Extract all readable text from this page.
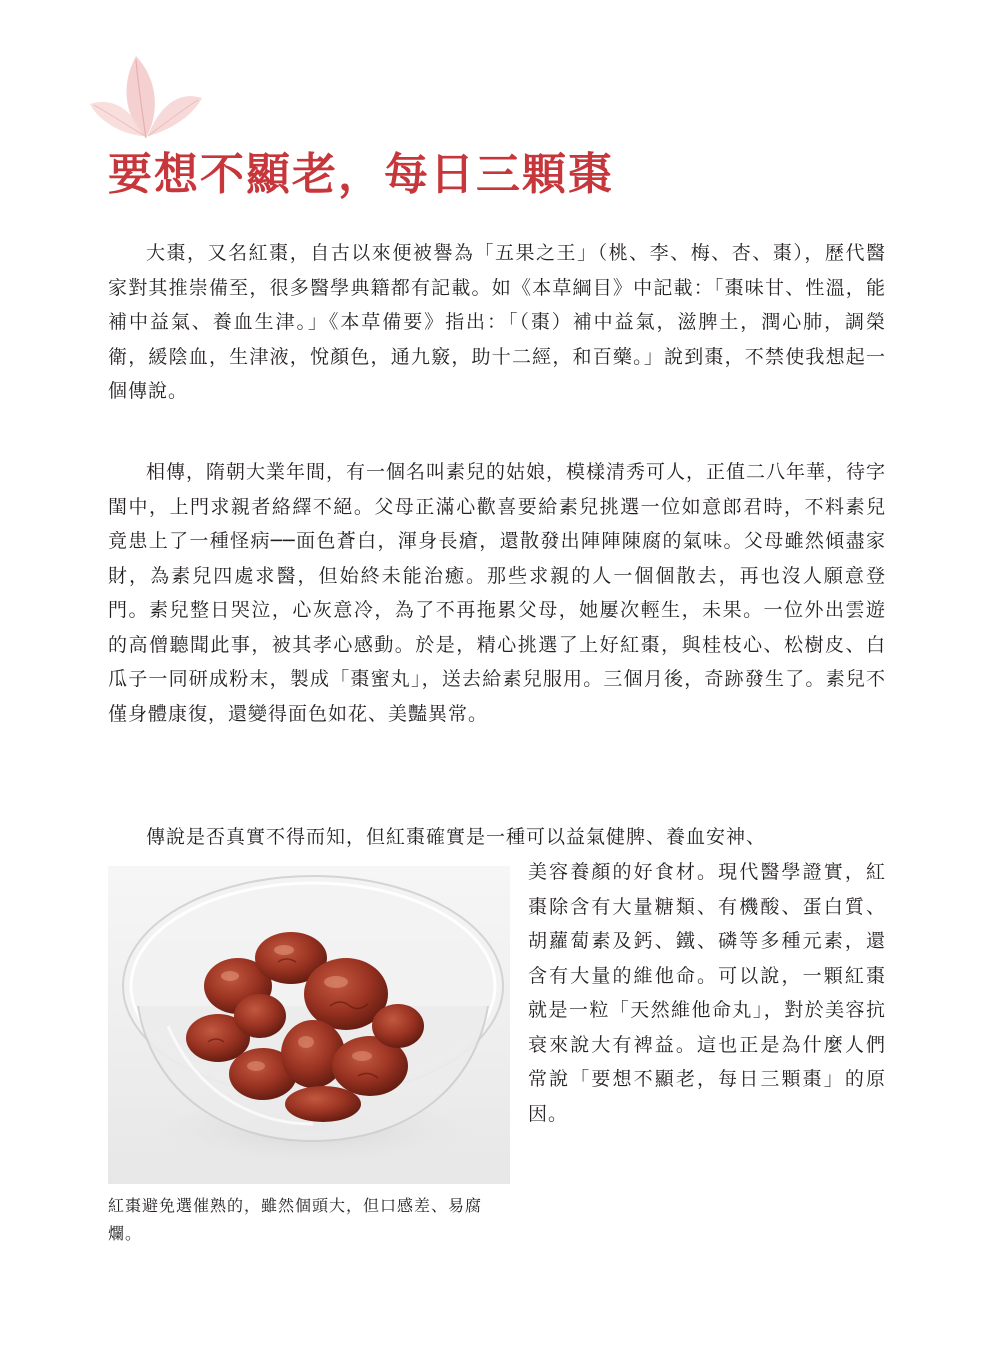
要想不顯老，每日三顆棗

大棗，又名紅棗，自古以來便被譽為「五果之王」（桃、李、梅、杏、棗），歷代醫家對其推崇備至，很多醫學典籍都有記載。如《本草綱目》中記載：「棗味甘、性溫，能補中益氣、養血生津。」《本草備要》指出：「（棗）補中益氣，滋脾土，潤心肺，調榮衛，緩陰血，生津液，悅顏色，通九竅，助十二經，和百藥。」說到棗，不禁使我想起一個傳說。

相傳，隋朝大業年間，有一個名叫素兒的姑娘，模樣清秀可人，正值二八年華，待字閨中，上門求親者絡繹不絕。父母正滿心歡喜要給素兒挑選一位如意郎君時，不料素兒竟患上了一種怪病──面色蒼白，渾身長瘡，還散發出陣陣陳腐的氣味。父母雖然傾盡家財，為素兒四處求醫，但始終未能治癒。那些求親的人一個個散去，再也沒人願意登門。素兒整日哭泣，心灰意冷，為了不再拖累父母，她屢次輕生，未果。一位外出雲遊的高僧聽聞此事，被其孝心感動。於是，精心挑選了上好紅棗，與桂枝心、松樹皮、白瓜子一同研成粉末，製成「棗蜜丸」，送去給素兒服用。三個月後，奇跡發生了。素兒不僅身體康復，還變得面色如花、美豔異常。

傳說是否真實不得而知，但紅棗確實是一種可以益氣健脾、養血安神、

美容養顏的好食材。現代醫學證實，紅棗除含有大量糖類、有機酸、蛋白質、胡蘿蔔素及鈣、鐵、磷等多種元素，還含有大量的維他命。可以說，一顆紅棗就是一粒「天然維他命丸」，對於美容抗衰來說大有裨益。這也正是為什麼人們常說「要想不顯老，每日三顆棗」的原因。

紅棗避免選催熟的，雖然個頭大，但口感差、易腐爛。
